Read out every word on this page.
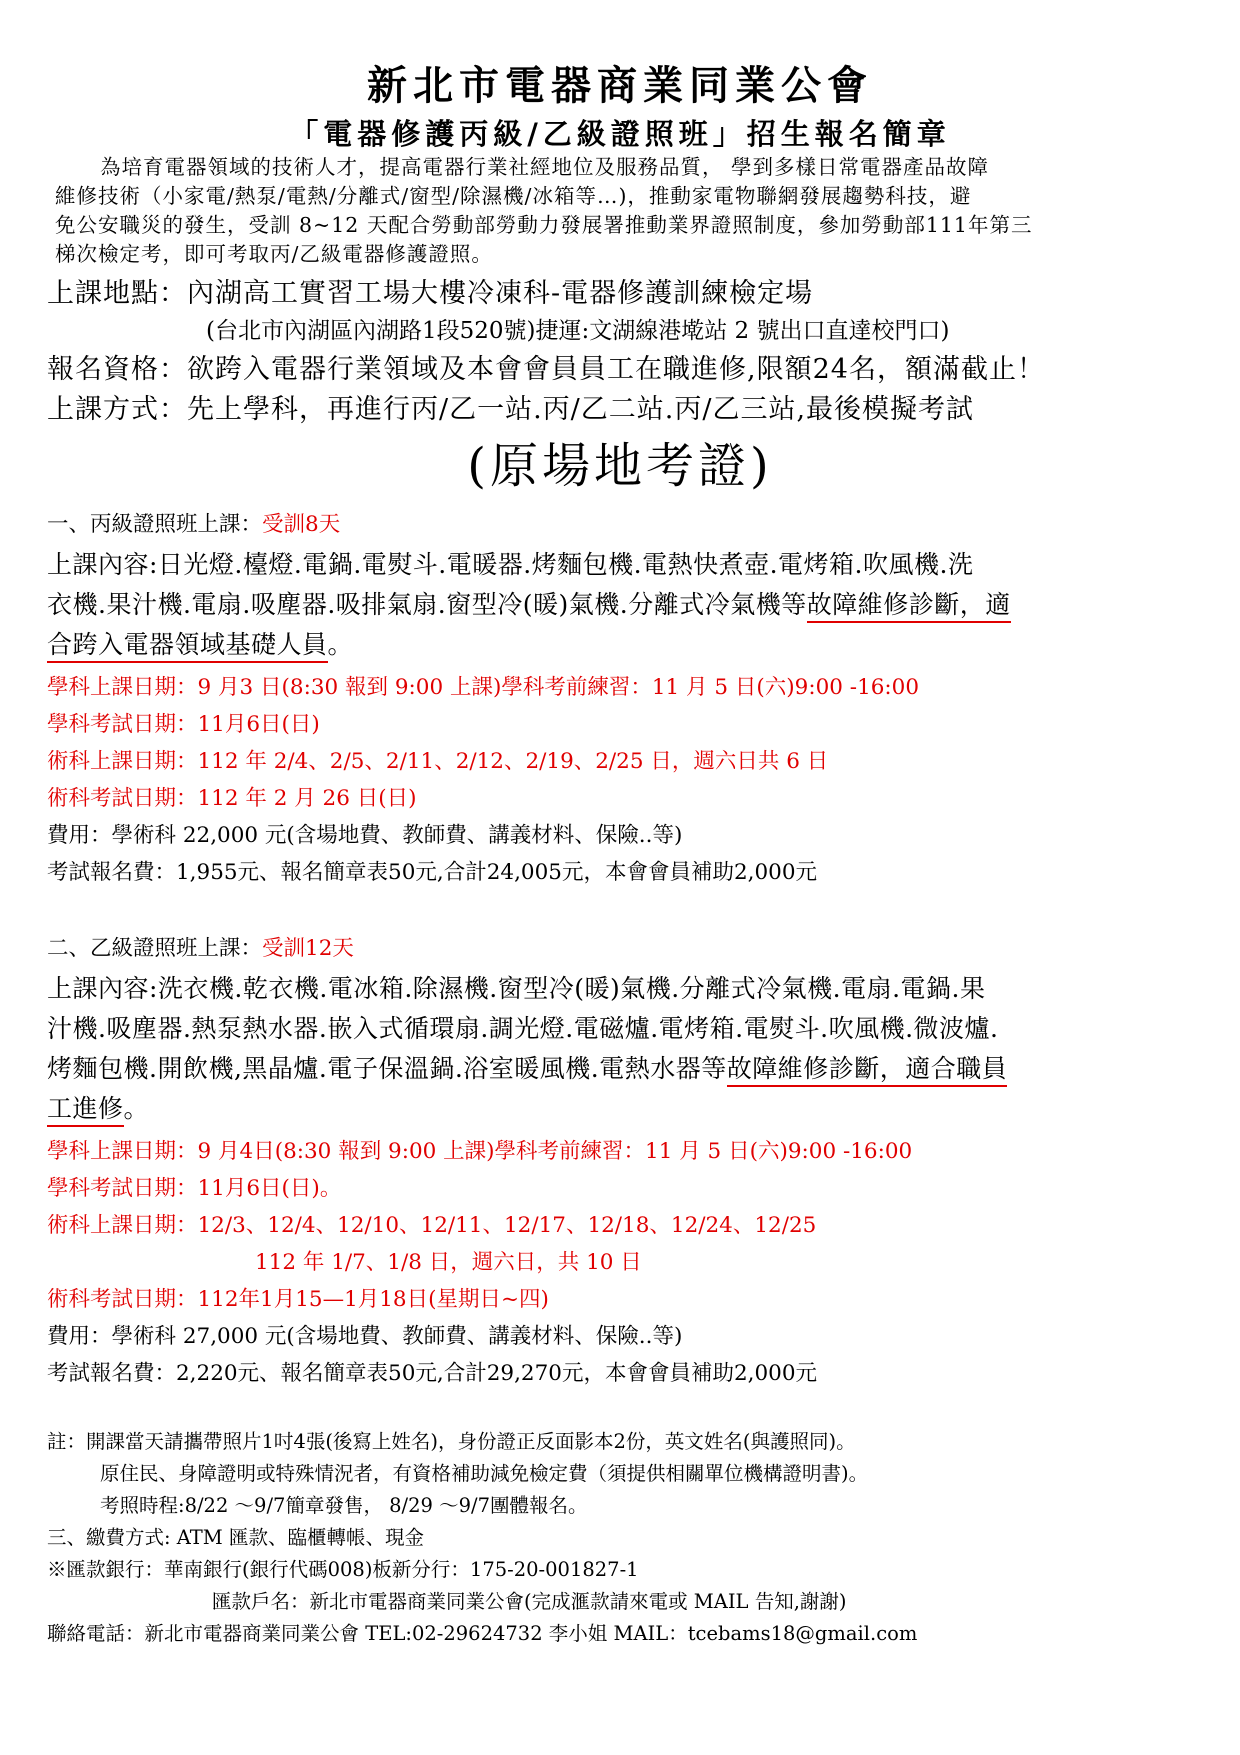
新北市電器商業同業公會
「電器修護丙級/乙級證照班」招生報名簡章
為培育電器領域的技術人才，提高電器行業社經地位及服務品質， 學到多樣日常電器產品故障
維修技術（小家電/熱泵/電熱/分離式/窗型/除濕機/冰箱等…)，推動家電物聯網發展趨勢科技，避
免公安職災的發生，受訓 8~12 天配合勞動部勞動力發展署推動業界證照制度，參加勞動部111年第三
梯次檢定考，即可考取丙/乙級電器修護證照。
上課地點：內湖高工實習工場大樓冷凍科-電器修護訓練檢定場
(台北市內湖區內湖路1段520號)捷運:文湖線港墘站 2 號出口直達校門口)
報名資格：欲跨入電器行業領域及本會會員員工在職進修,限額24名，額滿截止！
上課方式：先上學科，再進行丙/乙一站.丙/乙二站.丙/乙三站,最後模擬考試
(原場地考證)
一、丙級證照班上課：受訓8天
上課內容:日光燈.檯燈.電鍋.電熨斗.電暖器.烤麵包機.電熱快煮壺.電烤箱.吹風機.洗
衣機.果汁機.電扇.吸塵器.吸排氣扇.窗型冷(暖)氣機.分離式冷氣機等故障維修診斷，適
合跨入電器領域基礎人員。
學科上課日期：9 月3 日(8:30 報到 9:00 上課)學科考前練習：11 月 5 日(六)9:00 -16:00
學科考試日期：11月6日(日)
術科上課日期：112 年 2/4、2/5、2/11、2/12、2/19、2/25 日，週六日共 6 日
術科考試日期：112 年 2 月 26 日(日)
費用：學術科 22,000 元(含場地費、教師費、講義材料、保險..等)
考試報名費：1,955元、報名簡章表50元,合計24,005元，本會會員補助2,000元
二、乙級證照班上課：受訓12天
上課內容:洗衣機.乾衣機.電冰箱.除濕機.窗型冷(暖)氣機.分離式冷氣機.電扇.電鍋.果
汁機.吸塵器.熱泵熱水器.嵌入式循環扇.調光燈.電磁爐.電烤箱.電熨斗.吹風機.微波爐.
烤麵包機.開飲機,黑晶爐.電子保溫鍋.浴室暖風機.電熱水器等故障維修診斷，適合職員
工進修。
學科上課日期：9 月4日(8:30 報到 9:00 上課)學科考前練習：11 月 5 日(六)9:00 -16:00
學科考試日期：11月6日(日)。
術科上課日期：12/3、12/4、12/10、12/11、12/17、12/18、12/24、12/25
112 年 1/7、1/8 日，週六日，共 10 日
術科考試日期：112年1月15—1月18日(星期日~四)
費用：學術科 27,000 元(含場地費、教師費、講義材料、保險..等)
考試報名費：2,220元、報名簡章表50元,合計29,270元，本會會員補助2,000元
註：開課當天請攜帶照片1吋4張(後寫上姓名)，身份證正反面影本2份，英文姓名(與護照同)。
原住民、身障證明或特殊情況者，有資格補助減免檢定費（須提供相關單位機構證明書)。
考照時程:8/22 ～9/7簡章發售， 8/29 ～9/7團體報名。
三、繳費方式: ATM 匯款、臨櫃轉帳、現金
※匯款銀行：華南銀行(銀行代碼008)板新分行：175-20-001827-1
匯款戶名：新北市電器商業同業公會(完成滙款請來電或 MAIL 告知,謝謝)
聯絡電話：新北市電器商業同業公會 TEL:02-29624732 李小姐 MAIL：tcebams18@gmail.com
